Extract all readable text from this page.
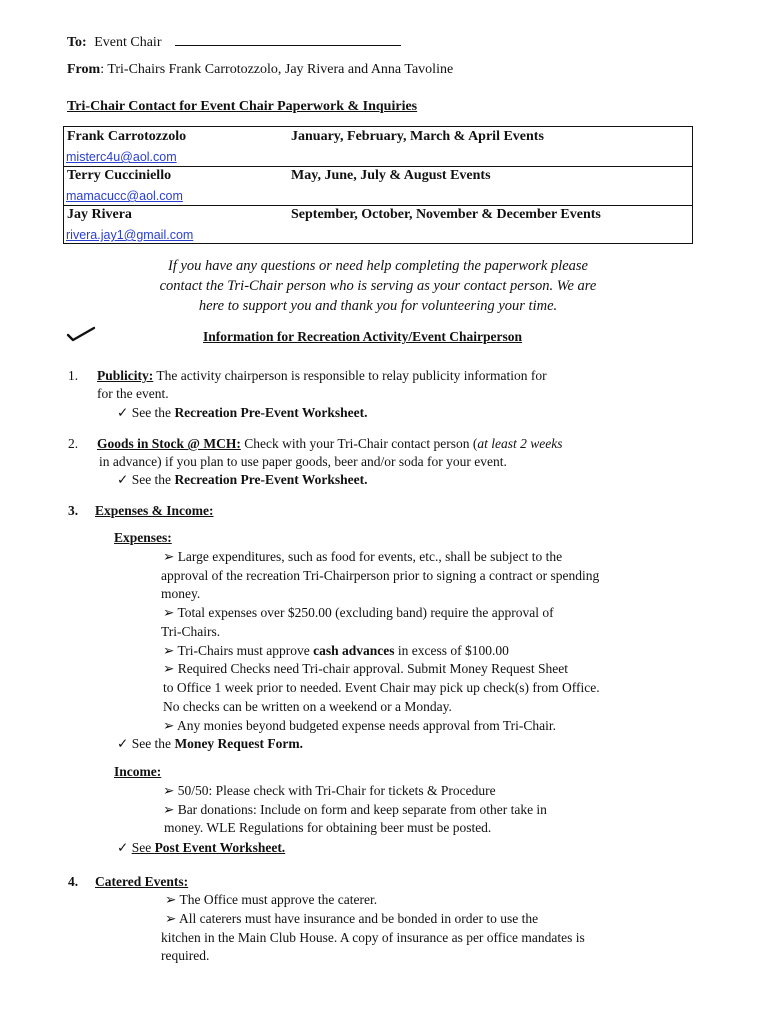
To: Event Chair
From: Tri-Chairs Frank Carrotozzolo, Jay Rivera and Anna Tavoline
Tri-Chair Contact for Event Chair Paperwork & Inquiries
Frank Carrotozzolo
misterc4u@aol.com
January, February, March & April Events
Terry Cucciniello
mamacucc@aol.com
May, June, July & August Events
Jay Rivera
rivera.jay1@gmail.com
September, October, November & December Events
If you have any questions or need help completing the paperwork please
contact the Tri-Chair person who is serving as your contact person. We are
here to support you and thank you for volunteering your time.
Information for Recreation Activity/Event Chairperson
1. Publicity: The activity chairperson is responsible to relay publicity information for
for the event.
✓ See the Recreation Pre-Event Worksheet.
2. Goods in Stock @ MCH: Check with your Tri-Chair contact person (at least 2 weeks
in advance) if you plan to use paper goods, beer and/or soda for your event.
✓ See the Recreation Pre-Event Worksheet.
3. Expenses & Income:
Expenses:
➢ Large expenditures, such as food for events, etc., shall be subject to the
approval of the recreation Tri-Chairperson prior to signing a contract or spending
money.
➢ Total expenses over $250.00 (excluding band) require the approval of
Tri-Chairs.
➢ Tri-Chairs must approve cash advances in excess of $100.00
➢ Required Checks need Tri-chair approval. Submit Money Request Sheet
to Office 1 week prior to needed. Event Chair may pick up check(s) from Office.
No checks can be written on a weekend or a Monday.
➢ Any monies beyond budgeted expense needs approval from Tri-Chair.
✓ See the Money Request Form.
Income:
➢ 50/50: Please check with Tri-Chair for tickets & Procedure
➢ Bar donations: Include on form and keep separate from other take in
money. WLE Regulations for obtaining beer must be posted.
✓ See Post Event Worksheet.
4. Catered Events:
➢ The Office must approve the caterer.
➢ All caterers must have insurance and be bonded in order to use the
kitchen in the Main Club House. A copy of insurance as per office mandates is
required.
